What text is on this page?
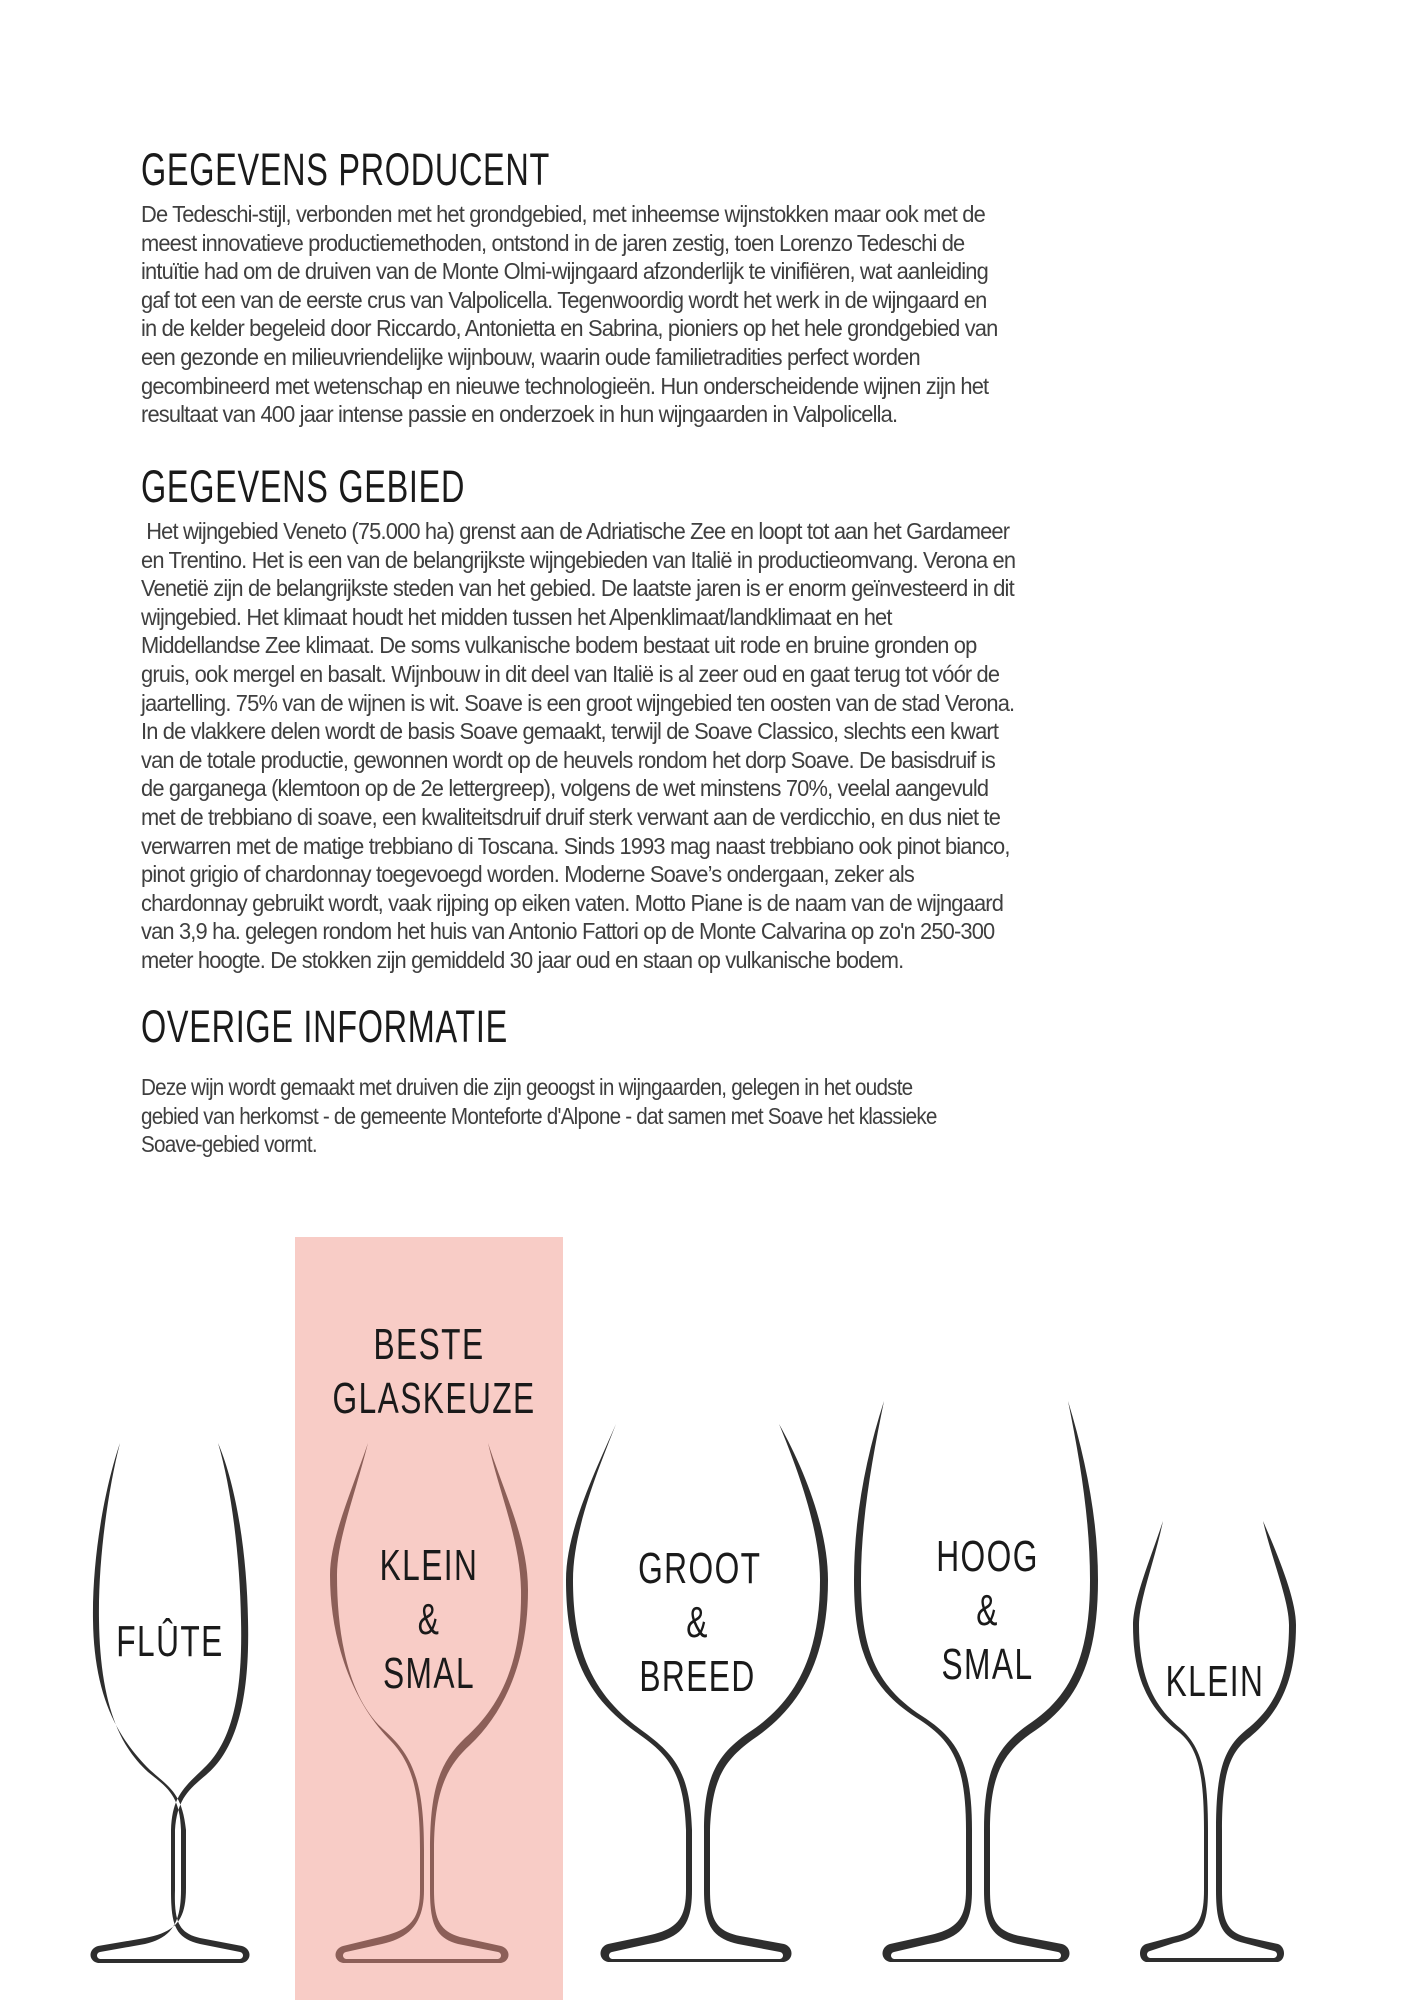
GEGEVENS PRODUCENT

De Tedeschi-stijl, verbonden met het grondgebied, met inheemse wijnstokken maar ook met de
meest innovatieve productiemethoden, ontstond in de jaren zestig, toen Lorenzo Tedeschi de
intuïtie had om de druiven van de Monte Olmi-wijngaard afzonderlijk te vinifiëren, wat aanleiding
gaf tot een van de eerste crus van Valpolicella. Tegenwoordig wordt het werk in de wijngaard en
in de kelder begeleid door Riccardo, Antonietta en Sabrina, pioniers op het hele grondgebied van
een gezonde en milieuvriendelijke wijnbouw, waarin oude familietradities perfect worden
gecombineerd met wetenschap en nieuwe technologieën. Hun onderscheidende wijnen zijn het
resultaat van 400 jaar intense passie en onderzoek in hun wijngaarden in Valpolicella.

GEGEVENS GEBIED

Het wijngebied Veneto (75.000 ha) grenst aan de Adriatische Zee en loopt tot aan het Gardameer
en Trentino. Het is een van de belangrijkste wijngebieden van Italië in productieomvang. Verona en
Venetië zijn de belangrijkste steden van het gebied. De laatste jaren is er enorm geïnvesteerd in dit
wijngebied. Het klimaat houdt het midden tussen het Alpenklimaat/landklimaat en het
Middellandse Zee klimaat. De soms vulkanische bodem bestaat uit rode en bruine gronden op
gruis, ook mergel en basalt. Wijnbouw in dit deel van Italië is al zeer oud en gaat terug tot vóór de
jaartelling. 75% van de wijnen is wit. Soave is een groot wijngebied ten oosten van de stad Verona.
In de vlakkere delen wordt de basis Soave gemaakt, terwijl de Soave Classico, slechts een kwart
van de totale productie, gewonnen wordt op de heuvels rondom het dorp Soave. De basisdruif is
de garganega (klemtoon op de 2e lettergreep), volgens de wet minstens 70%, veelal aangevuld
met de trebbiano di soave, een kwaliteitsdruif druif sterk verwant aan de verdicchio, en dus niet te
verwarren met de matige trebbiano di Toscana. Sinds 1993 mag naast trebbiano ook pinot bianco,
pinot grigio of chardonnay toegevoegd worden. Moderne Soave’s ondergaan, zeker als
chardonnay gebruikt wordt, vaak rijping op eiken vaten. Motto Piane is de naam van de wijngaard
van 3,9 ha. gelegen rondom het huis van Antonio Fattori op de Monte Calvarina op zo'n 250-300
meter hoogte. De stokken zijn gemiddeld 30 jaar oud en staan op vulkanische bodem.

OVERIGE INFORMATIE

Deze wijn wordt gemaakt met druiven die zijn geoogst in wijngaarden, gelegen in het oudste
gebied van herkomst - de gemeente Monteforte d'Alpone - dat samen met Soave het klassieke
Soave-gebied vormt.

BESTE
GLASKEUZE
FLÛTE
KLEIN
&
SMAL
GROOT
&
BREED
HOOG
&
SMAL	KLEIN
